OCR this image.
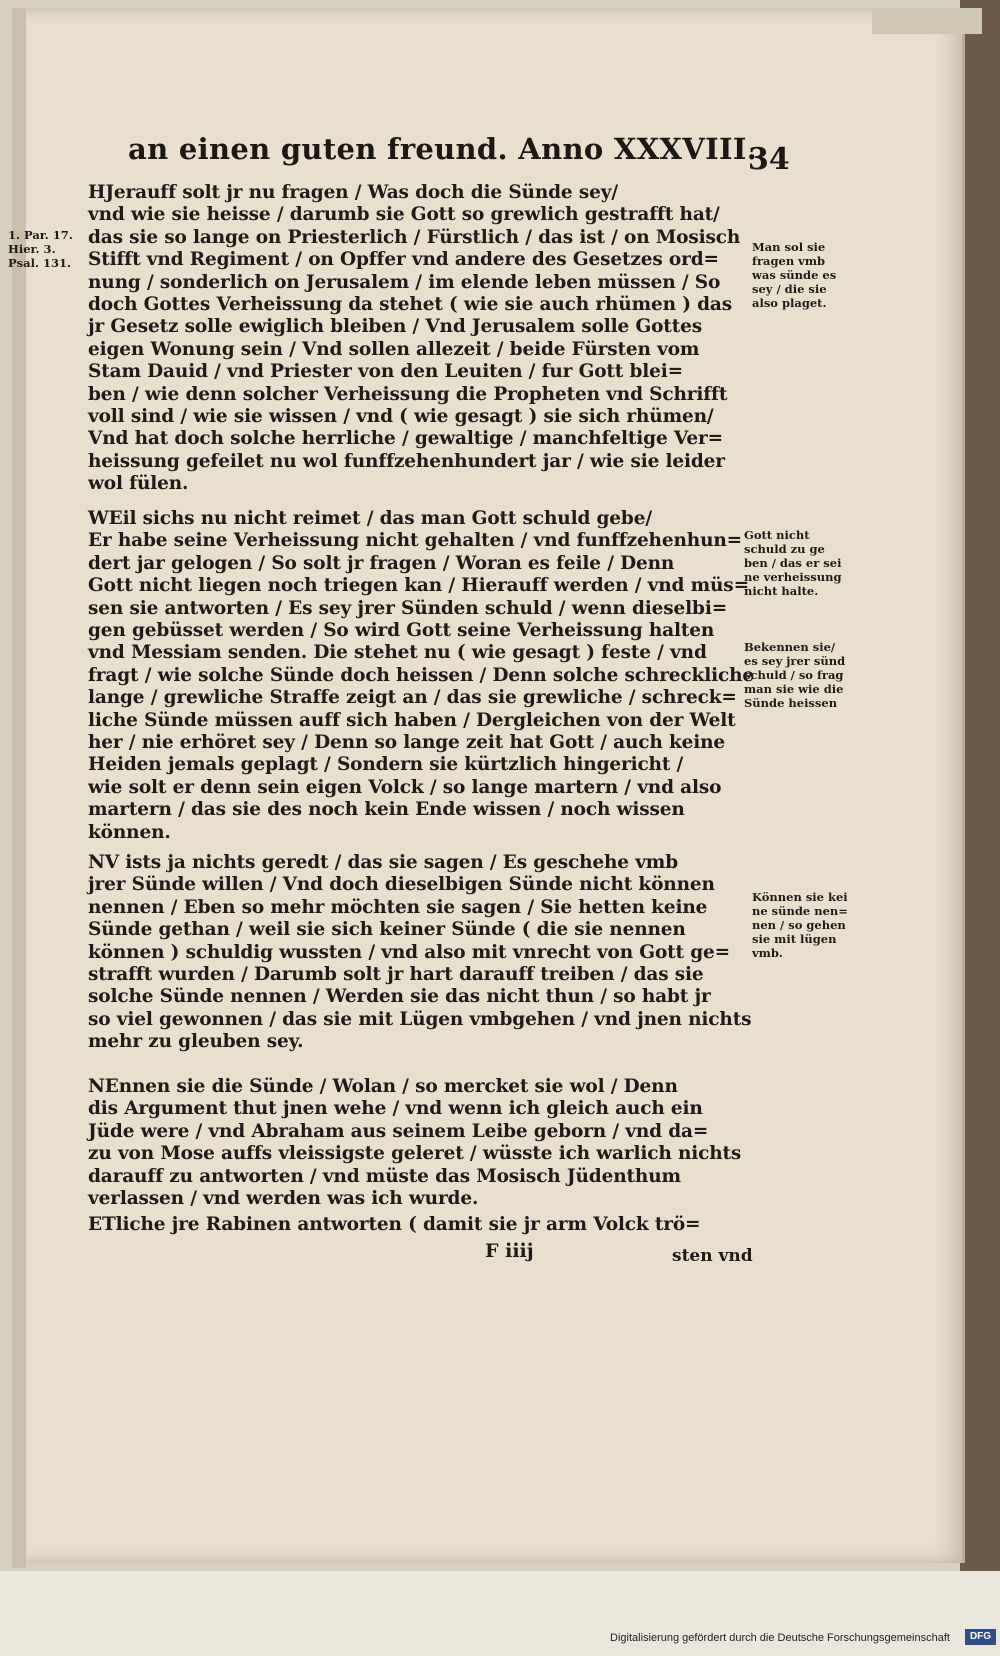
an einen guten freund. Anno XXXVIII.
34
1. Par. 17.
Hier. 3.
Psal. 131.
HJerauff solt jr nu fragen / Was doch die Sünde sey/
vnd wie sie heisse / darumb sie Gott so grewlich gestrafft hat/
das sie so lange on Priesterlich / Fürstlich / das ist / on Mosisch
Stifft vnd Regiment / on Opffer vnd andere des Gesetzes ord=
nung / sonderlich on Jerusalem / im elende leben müssen / So
doch Gottes Verheissung da stehet ( wie sie auch rhümen ) das
jr Gesetz solle ewiglich bleiben / Vnd Jerusalem solle Gottes
eigen Wonung sein / Vnd sollen allezeit / beide Fürsten vom
Stam Dauid / vnd Priester von den Leuiten / fur Gott blei=
ben / wie denn solcher Verheissung die Propheten vnd Schrifft
voll sind / wie sie wissen / vnd ( wie gesagt ) sie sich rhümen/
Vnd hat doch solche herrliche / gewaltige / manchfeltige Ver=
heissung gefeilet nu wol funffzehenhundert jar / wie sie leider
wol fülen.
WEil sichs nu nicht reimet / das man Gott schuld gebe/
Er habe seine Verheissung nicht gehalten / vnd funffzehenhun=
dert jar gelogen / So solt jr fragen / Woran es feile / Denn
Gott nicht liegen noch triegen kan / Hierauff werden / vnd müs=
sen sie antworten / Es sey jrer Sünden schuld / wenn dieselbi=
gen gebüsset werden / So wird Gott seine Verheissung halten
vnd Messiam senden. Die stehet nu ( wie gesagt ) feste / vnd
fragt / wie solche Sünde doch heissen / Denn solche schreckliche
lange / grewliche Straffe zeigt an / das sie grewliche / schreck=
liche Sünde müssen auff sich haben / Dergleichen von der Welt
her / nie erhöret sey / Denn so lange zeit hat Gott / auch keine
Heiden jemals geplagt / Sondern sie kürtzlich hingericht /
wie solt er denn sein eigen Volck / so lange martern / vnd also
martern / das sie des noch kein Ende wissen / noch wissen
können.
NV ists ja nichts geredt / das sie sagen / Es geschehe vmb
jrer Sünde willen / Vnd doch dieselbigen Sünde nicht können
nennen / Eben so mehr möchten sie sagen / Sie hetten keine
Sünde gethan / weil sie sich keiner Sünde ( die sie nennen
können ) schuldig wussten / vnd also mit vnrecht von Gott ge=
strafft wurden / Darumb solt jr hart darauff treiben / das sie
solche Sünde nennen / Werden sie das nicht thun / so habt jr
so viel gewonnen / das sie mit Lügen vmbgehen / vnd jnen nichts
mehr zu gleuben sey.
NEnnen sie die Sünde / Wolan / so mercket sie wol / Denn
dis Argument thut jnen wehe / vnd wenn ich gleich auch ein
Jüde were / vnd Abraham aus seinem Leibe geborn / vnd da=
zu von Mose auffs vleissigste geleret / wüsste ich warlich nichts
darauff zu antworten / vnd müste das Mosisch Jüdenthum
verlassen / vnd werden was ich wurde.
ETliche jre Rabinen antworten ( damit sie jr arm Volck trö=
Man sol sie
fragen vmb
was sünde es
sey / die sie
also plaget.
Gott nicht
schuld zu ge
ben / das er sei
ne verheissung
nicht halte.
Bekennen sie/
es sey jrer sünd
schuld / so frag
man sie wie die
Sünde heissen
Können sie kei
ne sünde nen=
nen / so gehen
sie mit lügen
vmb.
F iiij	sten vnd
Digitalisierung gefördert durch die Deutsche Forschungsgemeinschaft	DFG
